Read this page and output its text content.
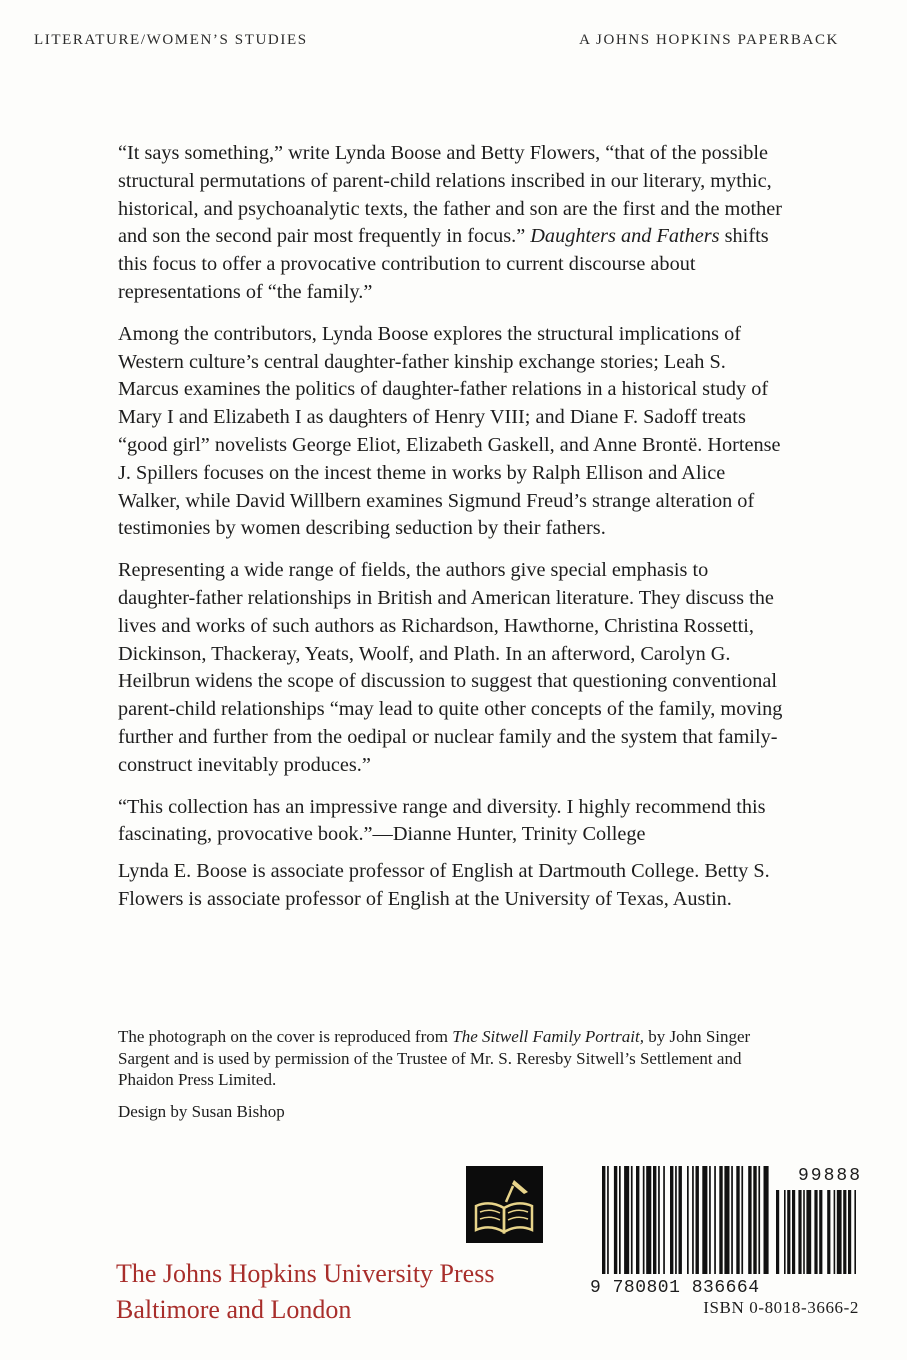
LITERATURE/WOMEN’S STUDIES	A JOHNS HOPKINS PAPERBACK

“It says something,” write Lynda Boose and Betty Flowers, “that of the possible structural permutations of parent-child relations inscribed in our literary, mythic, historical, and psychoanalytic texts, the father and son are the first and the mother and son the second pair most frequently in focus.” Daughters and Fathers shifts this focus to offer a provocative contribution to current discourse about representations of “the family.”

Among the contributors, Lynda Boose explores the structural implications of Western culture’s central daughter-father kinship exchange stories; Leah S. Marcus examines the politics of daughter-father relations in a historical study of Mary I and Elizabeth I as daughters of Henry VIII; and Diane F. Sadoff treats “good girl” novelists George Eliot, Elizabeth Gaskell, and Anne Brontë. Hortense J. Spillers focuses on the incest theme in works by Ralph Ellison and Alice Walker, while David Willbern examines Sigmund Freud’s strange alteration of testimonies by women describing seduction by their fathers.

Representing a wide range of fields, the authors give special emphasis to daughter-father relationships in British and American literature. They discuss the lives and works of such authors as Richardson, Hawthorne, Christina Rossetti, Dickinson, Thackeray, Yeats, Woolf, and Plath. In an afterword, Carolyn G. Heilbrun widens the scope of discussion to suggest that questioning conventional parent-child relationships “may lead to quite other concepts of the family, moving further and further from the oedipal or nuclear family and the system that family-construct inevitably produces.”

“This collection has an impressive range and diversity. I highly recommend this fascinating, provocative book.”—Dianne Hunter, Trinity College

Lynda E. Boose is associate professor of English at Dartmouth College. Betty S. Flowers is associate professor of English at the University of Texas, Austin.

The photograph on the cover is reproduced from The Sitwell Family Portrait, by John Singer Sargent and is used by permission of the Trustee of Mr. S. Reresby Sitwell’s Settlement and Phaidon Press Limited.

Design by Susan Bishop

The Johns Hopkins University Press
Baltimore and London
99888
9 780801 836664
ISBN 0-8018-3666-2
